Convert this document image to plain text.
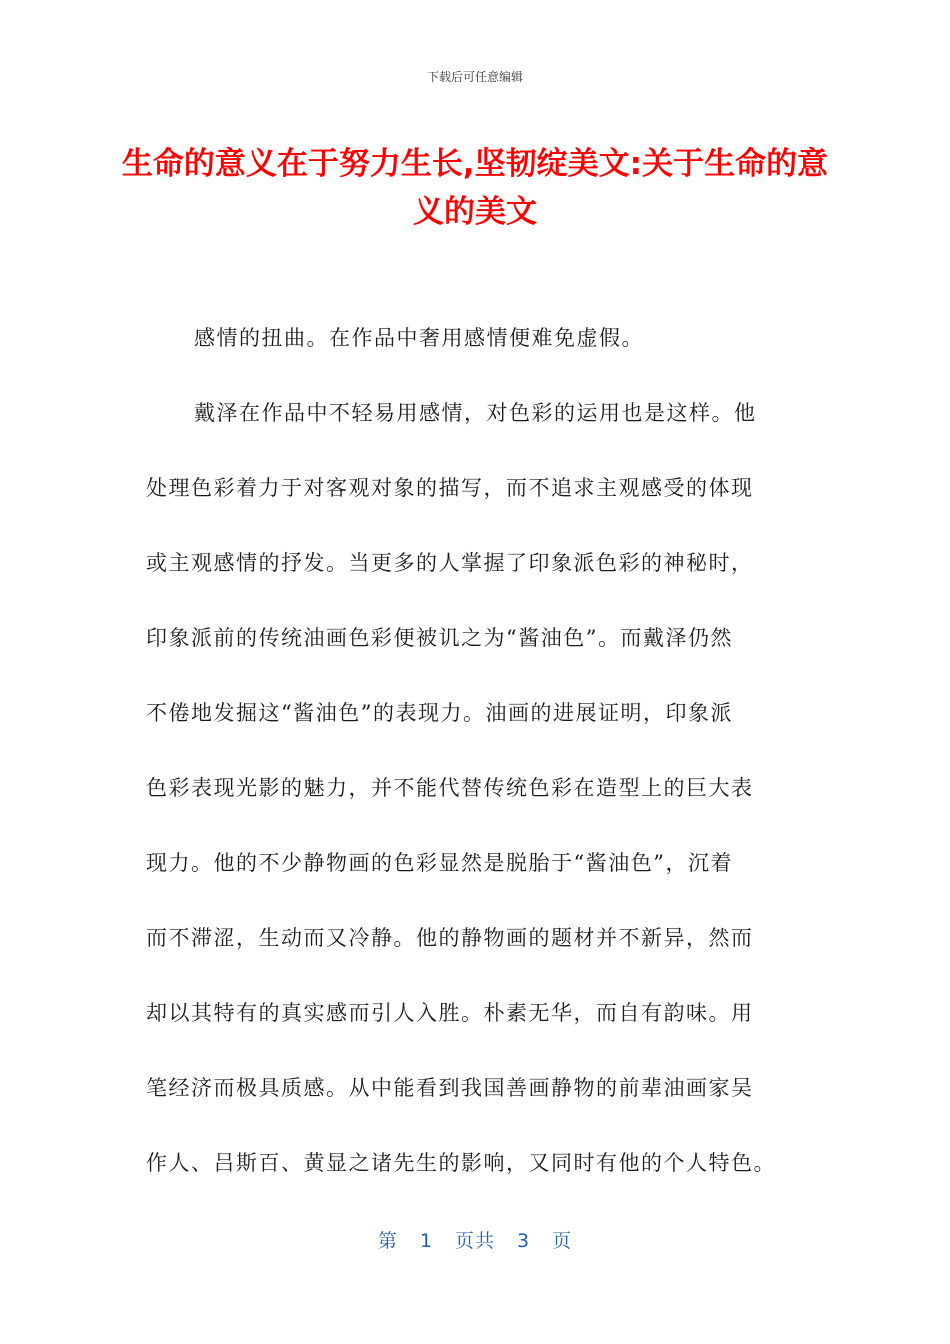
下载后可任意编辑
生命的意义在于努力生长,坚韧绽美文:关于生命的意义的美文
感情的扭曲。在作品中奢用感情便难免虚假。
戴泽在作品中不轻易用感情，对色彩的运用也是这样。他
处理色彩着力于对客观对象的描写，而不追求主观感受的体现
或主观感情的抒发。当更多的人掌握了印象派色彩的神秘时，
印象派前的传统油画色彩便被讥之为“酱油色”。而戴泽仍然
不倦地发掘这“酱油色”的表现力。油画的进展证明，印象派
色彩表现光影的魅力，并不能代替传统色彩在造型上的巨大表
现力。他的不少静物画的色彩显然是脱胎于“酱油色”，沉着
而不滞涩，生动而又冷静。他的静物画的题材并不新异，然而
却以其特有的真实感而引人入胜。朴素无华，而自有韵味。用
笔经济而极具质感。从中能看到我国善画静物的前辈油画家吴
作人、吕斯百、黄显之诸先生的影响，又同时有他的个人特色。
第 1 页共 3 页
